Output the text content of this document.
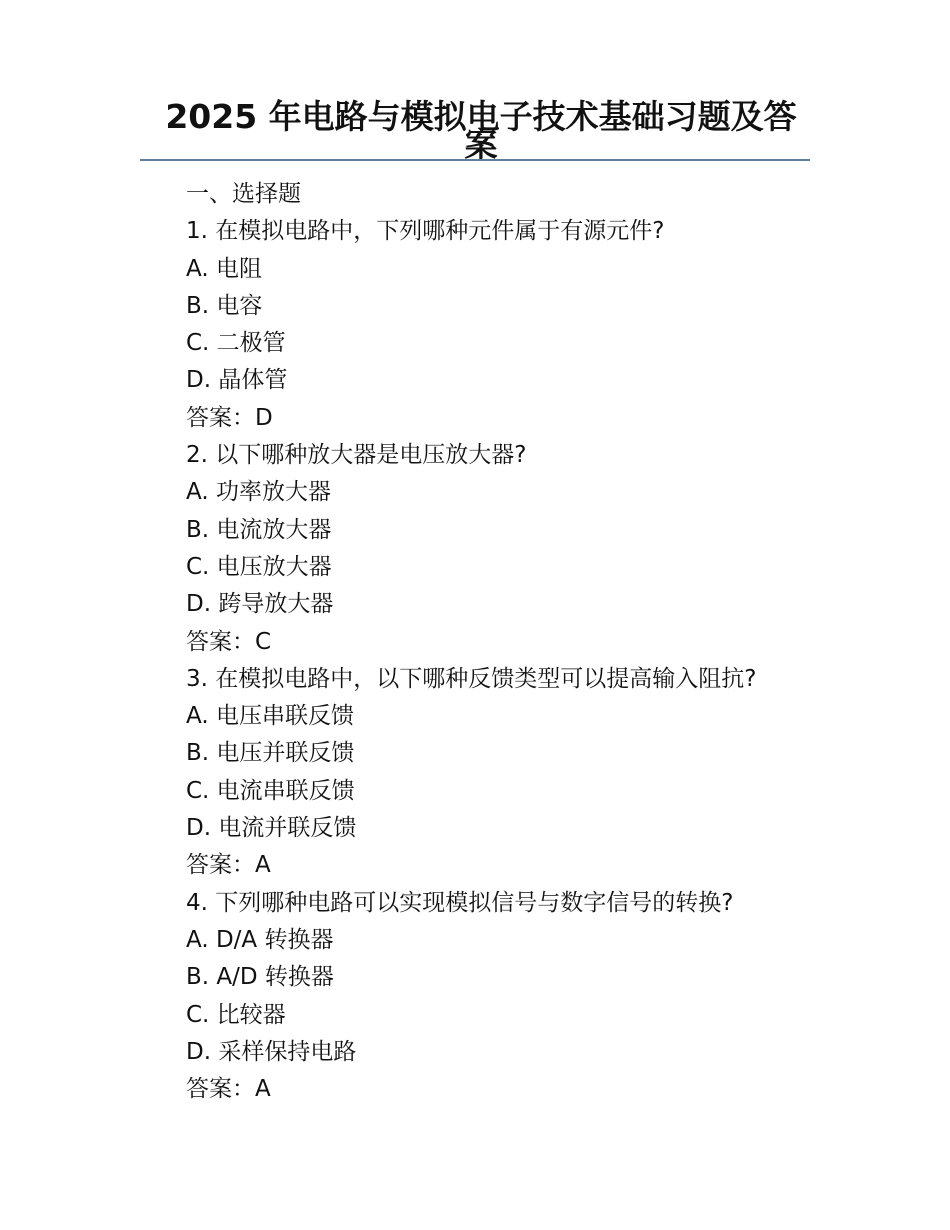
2025 年电路与模拟电子技术基础习题及答案
一、选择题
1. 在模拟电路中，下列哪种元件属于有源元件?
A. 电阻
B. 电容
C. 二极管
D. 晶体管
答案：D
2. 以下哪种放大器是电压放大器?
A. 功率放大器
B. 电流放大器
C. 电压放大器
D. 跨导放大器
答案：C
3. 在模拟电路中，以下哪种反馈类型可以提高输入阻抗?
A. 电压串联反馈
B. 电压并联反馈
C. 电流串联反馈
D. 电流并联反馈
答案：A
4. 下列哪种电路可以实现模拟信号与数字信号的转换?
A. D/A 转换器
B. A/D 转换器
C. 比较器
D. 采样保持电路
答案：A
